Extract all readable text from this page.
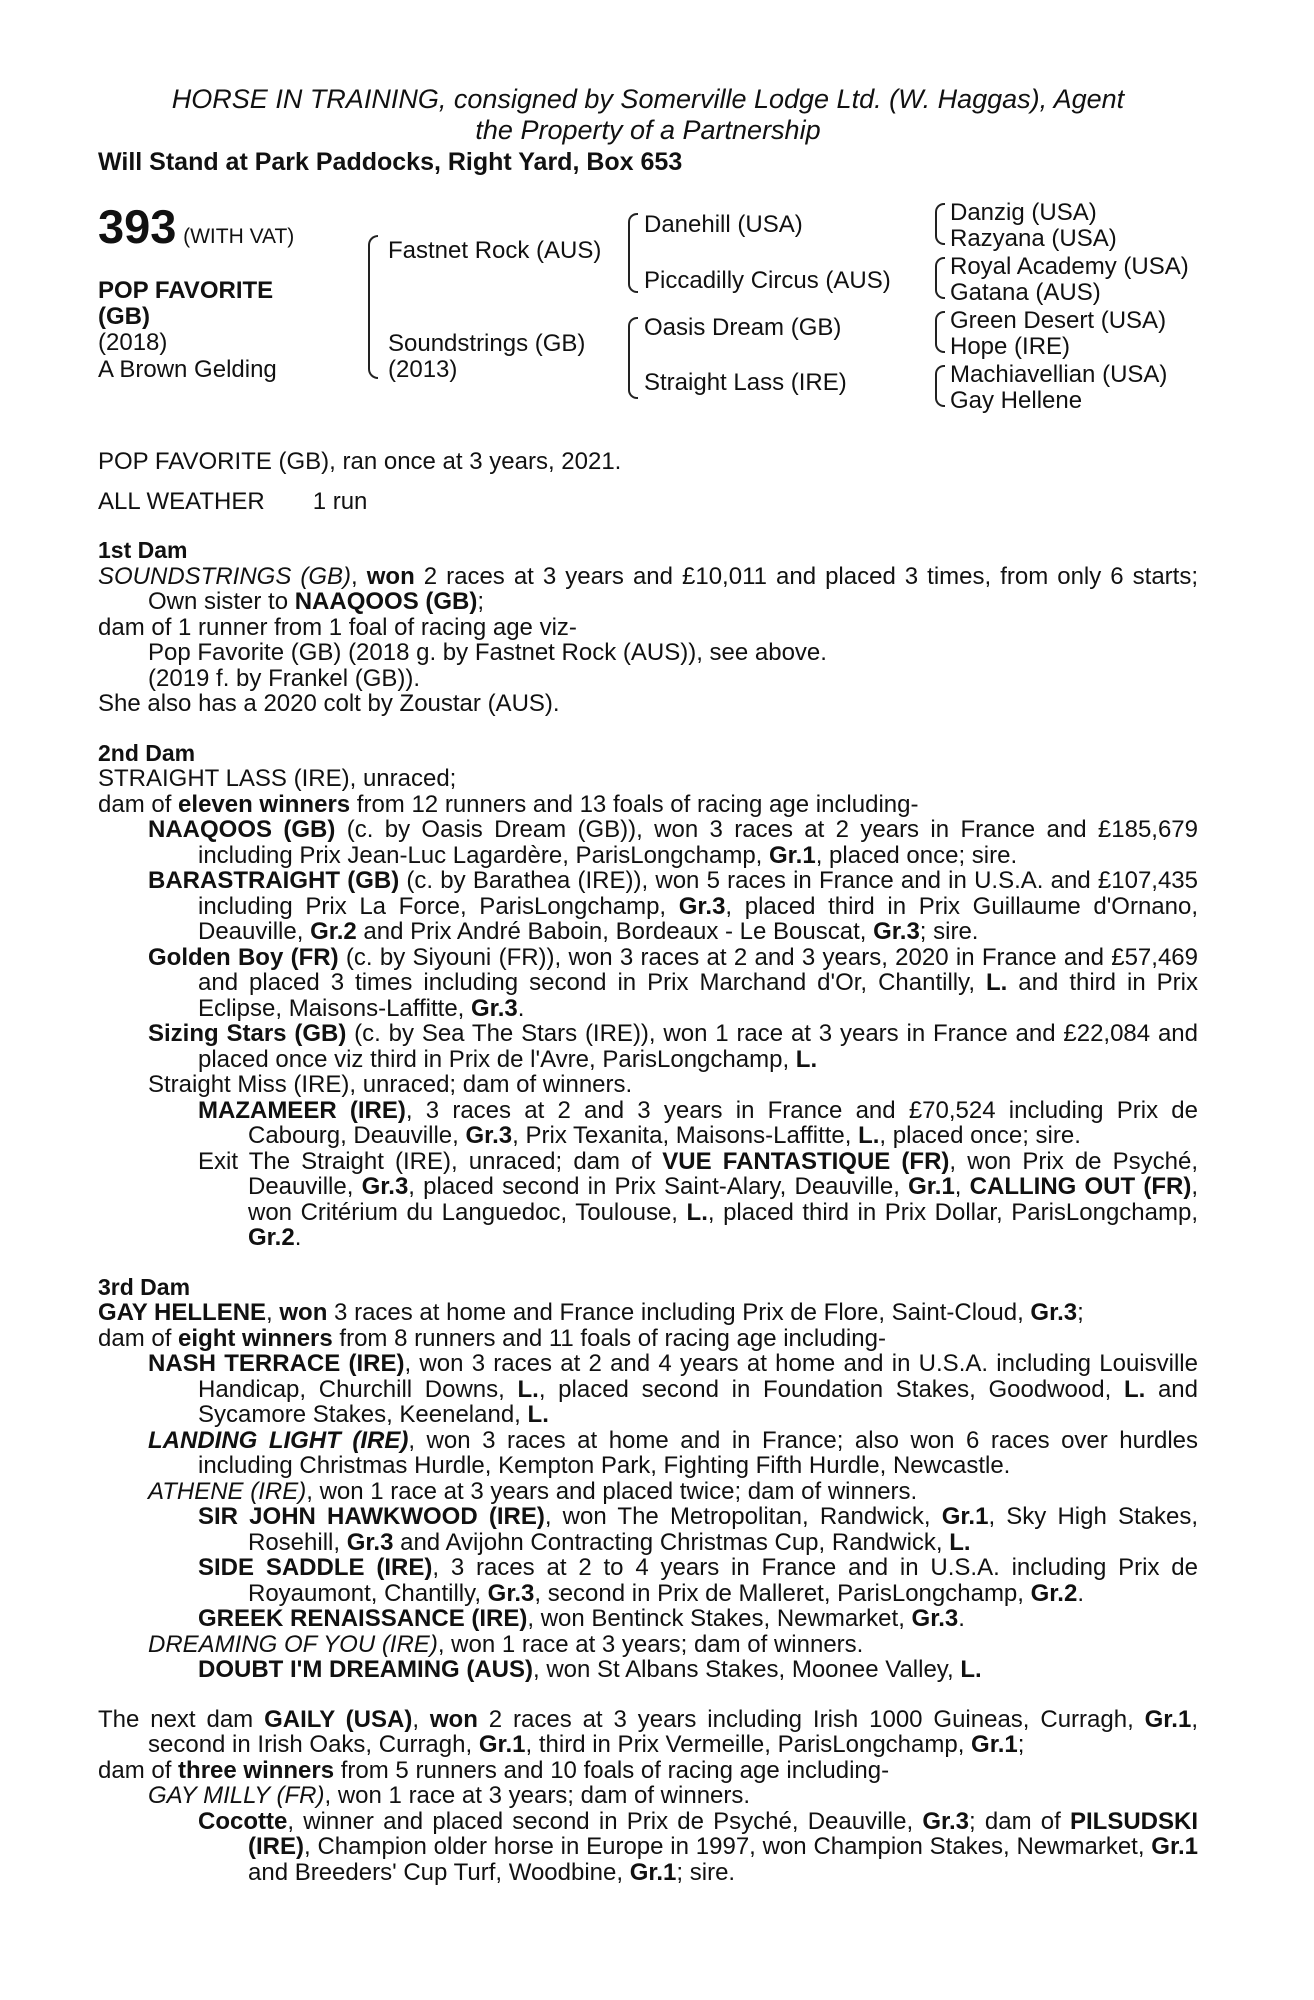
HORSE IN TRAINING, consigned by Somerville Lodge Ltd. (W. Haggas), Agent
the Property of a Partnership
Will Stand at Park Paddocks, Right Yard, Box 653
393 (WITH VAT)
POP FAVORITE
(GB)
(2018)
A Brown Gelding
Fastnet Rock (AUS)
Soundstrings (GB)
(2013)
Danehill (USA)
Piccadilly Circus (AUS)
Oasis Dream (GB)
Straight Lass (IRE)
Danzig (USA)
Razyana (USA)
Royal Academy (USA)
Gatana (AUS)
Green Desert (USA)
Hope (IRE)
Machiavellian (USA)
Gay Hellene

POP FAVORITE (GB), ran once at 3 years, 2021.

ALL WEATHER 1 run

1st Dam

SOUNDSTRINGS (GB), won 2 races at 3 years and £10,011 and placed 3 times, from only 6 starts; Own sister to NAAQOOS (GB);

dam of 1 runner from 1 foal of racing age viz-

Pop Favorite (GB) (2018 g. by Fastnet Rock (AUS)), see above.

(2019 f. by Frankel (GB)).

She also has a 2020 colt by Zoustar (AUS).

2nd Dam

STRAIGHT LASS (IRE), unraced;

dam of eleven winners from 12 runners and 13 foals of racing age including-

NAAQOOS (GB) (c. by Oasis Dream (GB)), won 3 races at 2 years in France and £185,679 including Prix Jean-Luc Lagardère, ParisLongchamp, Gr.1, placed once; sire.

BARASTRAIGHT (GB) (c. by Barathea (IRE)), won 5 races in France and in U.S.A. and £107,435 including Prix La Force, ParisLongchamp, Gr.3, placed third in Prix Guillaume d'Ornano, Deauville, Gr.2 and Prix André Baboin, Bordeaux - Le Bouscat, Gr.3; sire.

Golden Boy (FR) (c. by Siyouni (FR)), won 3 races at 2 and 3 years, 2020 in France and £57,469 and placed 3 times including second in Prix Marchand d'Or, Chantilly, L. and third in Prix Eclipse, Maisons-Laffitte, Gr.3.

Sizing Stars (GB) (c. by Sea The Stars (IRE)), won 1 race at 3 years in France and £22,084 and placed once viz third in Prix de l'Avre, ParisLongchamp, L.

Straight Miss (IRE), unraced; dam of winners.

MAZAMEER (IRE), 3 races at 2 and 3 years in France and £70,524 including Prix de Cabourg, Deauville, Gr.3, Prix Texanita, Maisons-Laffitte, L., placed once; sire.

Exit The Straight (IRE), unraced; dam of VUE FANTASTIQUE (FR), won Prix de Psyché, Deauville, Gr.3, placed second in Prix Saint-Alary, Deauville, Gr.1, CALLING OUT (FR), won Critérium du Languedoc, Toulouse, L., placed third in Prix Dollar, ParisLongchamp, Gr.2.

3rd Dam

GAY HELLENE, won 3 races at home and France including Prix de Flore, Saint-Cloud, Gr.3;

dam of eight winners from 8 runners and 11 foals of racing age including-

NASH TERRACE (IRE), won 3 races at 2 and 4 years at home and in U.S.A. including Louisville Handicap, Churchill Downs, L., placed second in Foundation Stakes, Goodwood, L. and Sycamore Stakes, Keeneland, L.

LANDING LIGHT (IRE), won 3 races at home and in France; also won 6 races over hurdles including Christmas Hurdle, Kempton Park, Fighting Fifth Hurdle, Newcastle.

ATHENE (IRE), won 1 race at 3 years and placed twice; dam of winners.

SIR JOHN HAWKWOOD (IRE), won The Metropolitan, Randwick, Gr.1, Sky High Stakes, Rosehill, Gr.3 and Avijohn Contracting Christmas Cup, Randwick, L.

SIDE SADDLE (IRE), 3 races at 2 to 4 years in France and in U.S.A. including Prix de Royaumont, Chantilly, Gr.3, second in Prix de Malleret, ParisLongchamp, Gr.2.

GREEK RENAISSANCE (IRE), won Bentinck Stakes, Newmarket, Gr.3.

DREAMING OF YOU (IRE), won 1 race at 3 years; dam of winners.

DOUBT I'M DREAMING (AUS), won St Albans Stakes, Moonee Valley, L.

The next dam GAILY (USA), won 2 races at 3 years including Irish 1000 Guineas, Curragh, Gr.1, second in Irish Oaks, Curragh, Gr.1, third in Prix Vermeille, ParisLongchamp, Gr.1;

dam of three winners from 5 runners and 10 foals of racing age including-

GAY MILLY (FR), won 1 race at 3 years; dam of winners.

Cocotte, winner and placed second in Prix de Psyché, Deauville, Gr.3; dam of PILSUDSKI (IRE), Champion older horse in Europe in 1997, won Champion Stakes, Newmarket, Gr.1 and Breeders' Cup Turf, Woodbine, Gr.1; sire.
